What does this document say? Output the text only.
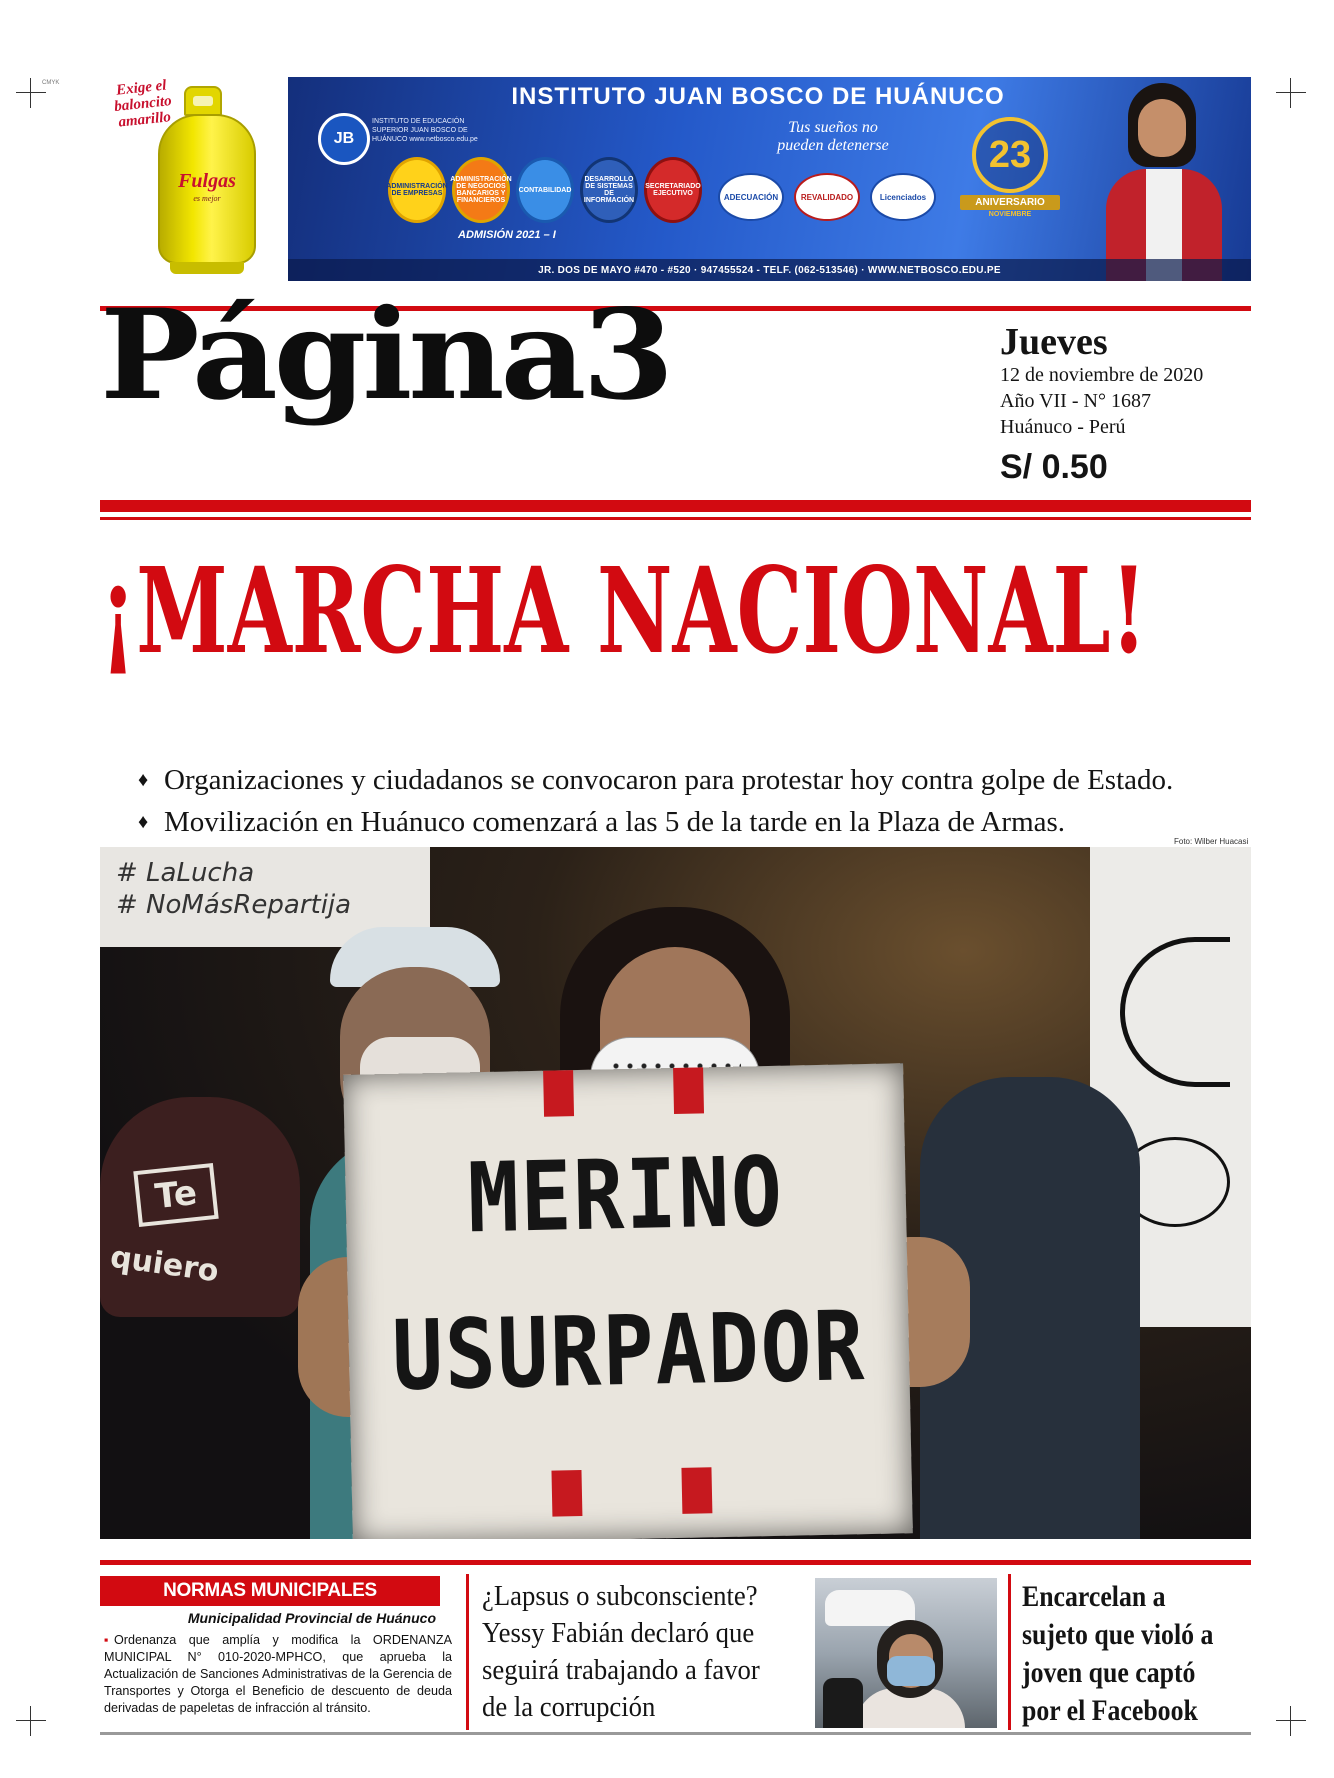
CMYK	Exige el baloncito amarillo
Fulgas
es mejor
INSTITUTO JUAN BOSCO DE HUÁNUCO
JB
INSTITUTO DE EDUCACIÓN SUPERIOR JUAN BOSCO DE HUÁNUCO www.netbosco.edu.pe
ADMINISTRACIÓN DE EMPRESAS
ADMINISTRACIÓN DE NEGOCIOS BANCARIOS Y FINANCIEROS
CONTABILIDAD
DESARROLLO DE SISTEMAS DE INFORMACIÓN
SECRETARIADO EJECUTIVO
ADMISIÓN 2021 – I
Tus sueños no pueden detenerse
ADECUACIÓN	REVALIDADO	Licenciados
23
ANIVERSARIO
NOVIEMBRE
JR. DOS DE MAYO #470 - #520 · 947455524 - TELF. (062-513546) · WWW.NETBOSCO.EDU.PE
Página3	Jueves
12 de noviembre de 2020
Año VII - N° 1687
Huánuco - Perú
S/ 0.50
¡MARCHA NACIONAL!
♦ Organizaciones y ciudadanos se convocaron para protestar hoy contra golpe de Estado.
♦ Movilización en Huánuco comenzará a las 5 de la tarde en la Plaza de Armas.
Foto: Wilber Huacasi
# LaLucha
# NoMásRepartija
Te
quiero
MERINO
USURPADOR
NORMAS MUNICIPALES
Municipalidad Provincial de Huánuco
▪ Ordenanza que amplía y modifica la ORDENANZA MUNICIPAL N° 010-2020-MPHCO, que aprueba la Actualización de Sanciones Administrativas de la Gerencia de Transportes y Otorga el Beneficio de descuento de deuda derivadas de papeletas de infracción al tránsito.
¿Lapsus o subconsciente? Yessy Fabián declaró que seguirá trabajando a favor de la corrupción
Encarcelan a sujeto que violó a joven que captó por el Facebook
